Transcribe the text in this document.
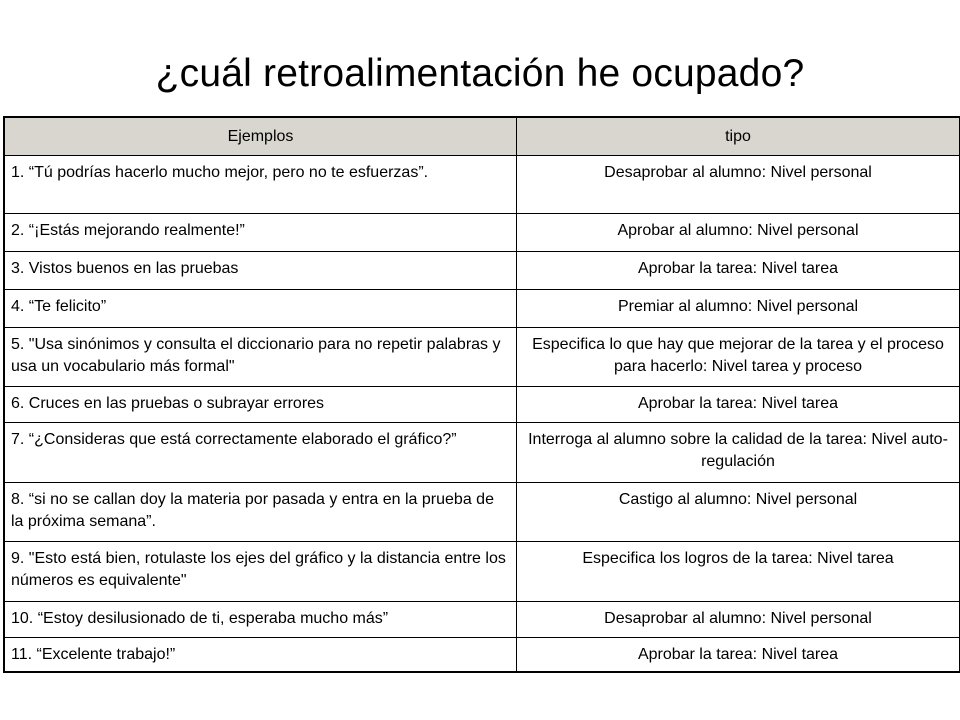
¿cuál retroalimentación he ocupado?
Ejemplos	tipo
1. “Tú podrías hacerlo mucho mejor, pero no te esfuerzas”.	Desaprobar al alumno: Nivel personal
2. “¡Estás mejorando realmente!”	Aprobar al alumno: Nivel personal
3. Vistos buenos en las pruebas	Aprobar la tarea: Nivel tarea
4. “Te felicito”	Premiar al alumno: Nivel personal
5. "Usa sinónimos y consulta el diccionario para no repetir palabras y usa un vocabulario más formal"	Especifica lo que hay que mejorar de la tarea y el proceso para hacerlo: Nivel tarea y proceso
6. Cruces en las pruebas o subrayar errores	Aprobar la tarea: Nivel tarea
7. “¿Consideras que está correctamente elaborado el gráfico?”	Interroga al alumno sobre la calidad de la tarea: Nivel auto-regulación
8. “si no se callan doy la materia por pasada y entra en la prueba de la próxima semana”.	Castigo al alumno: Nivel personal
9. "Esto está bien, rotulaste los ejes del gráfico y la distancia entre los números es equivalente"	Especifica los logros de la tarea: Nivel tarea
10. “Estoy desilusionado de ti, esperaba mucho más”	Desaprobar al alumno: Nivel personal
11. “Excelente trabajo!”	Aprobar la tarea: Nivel tarea
